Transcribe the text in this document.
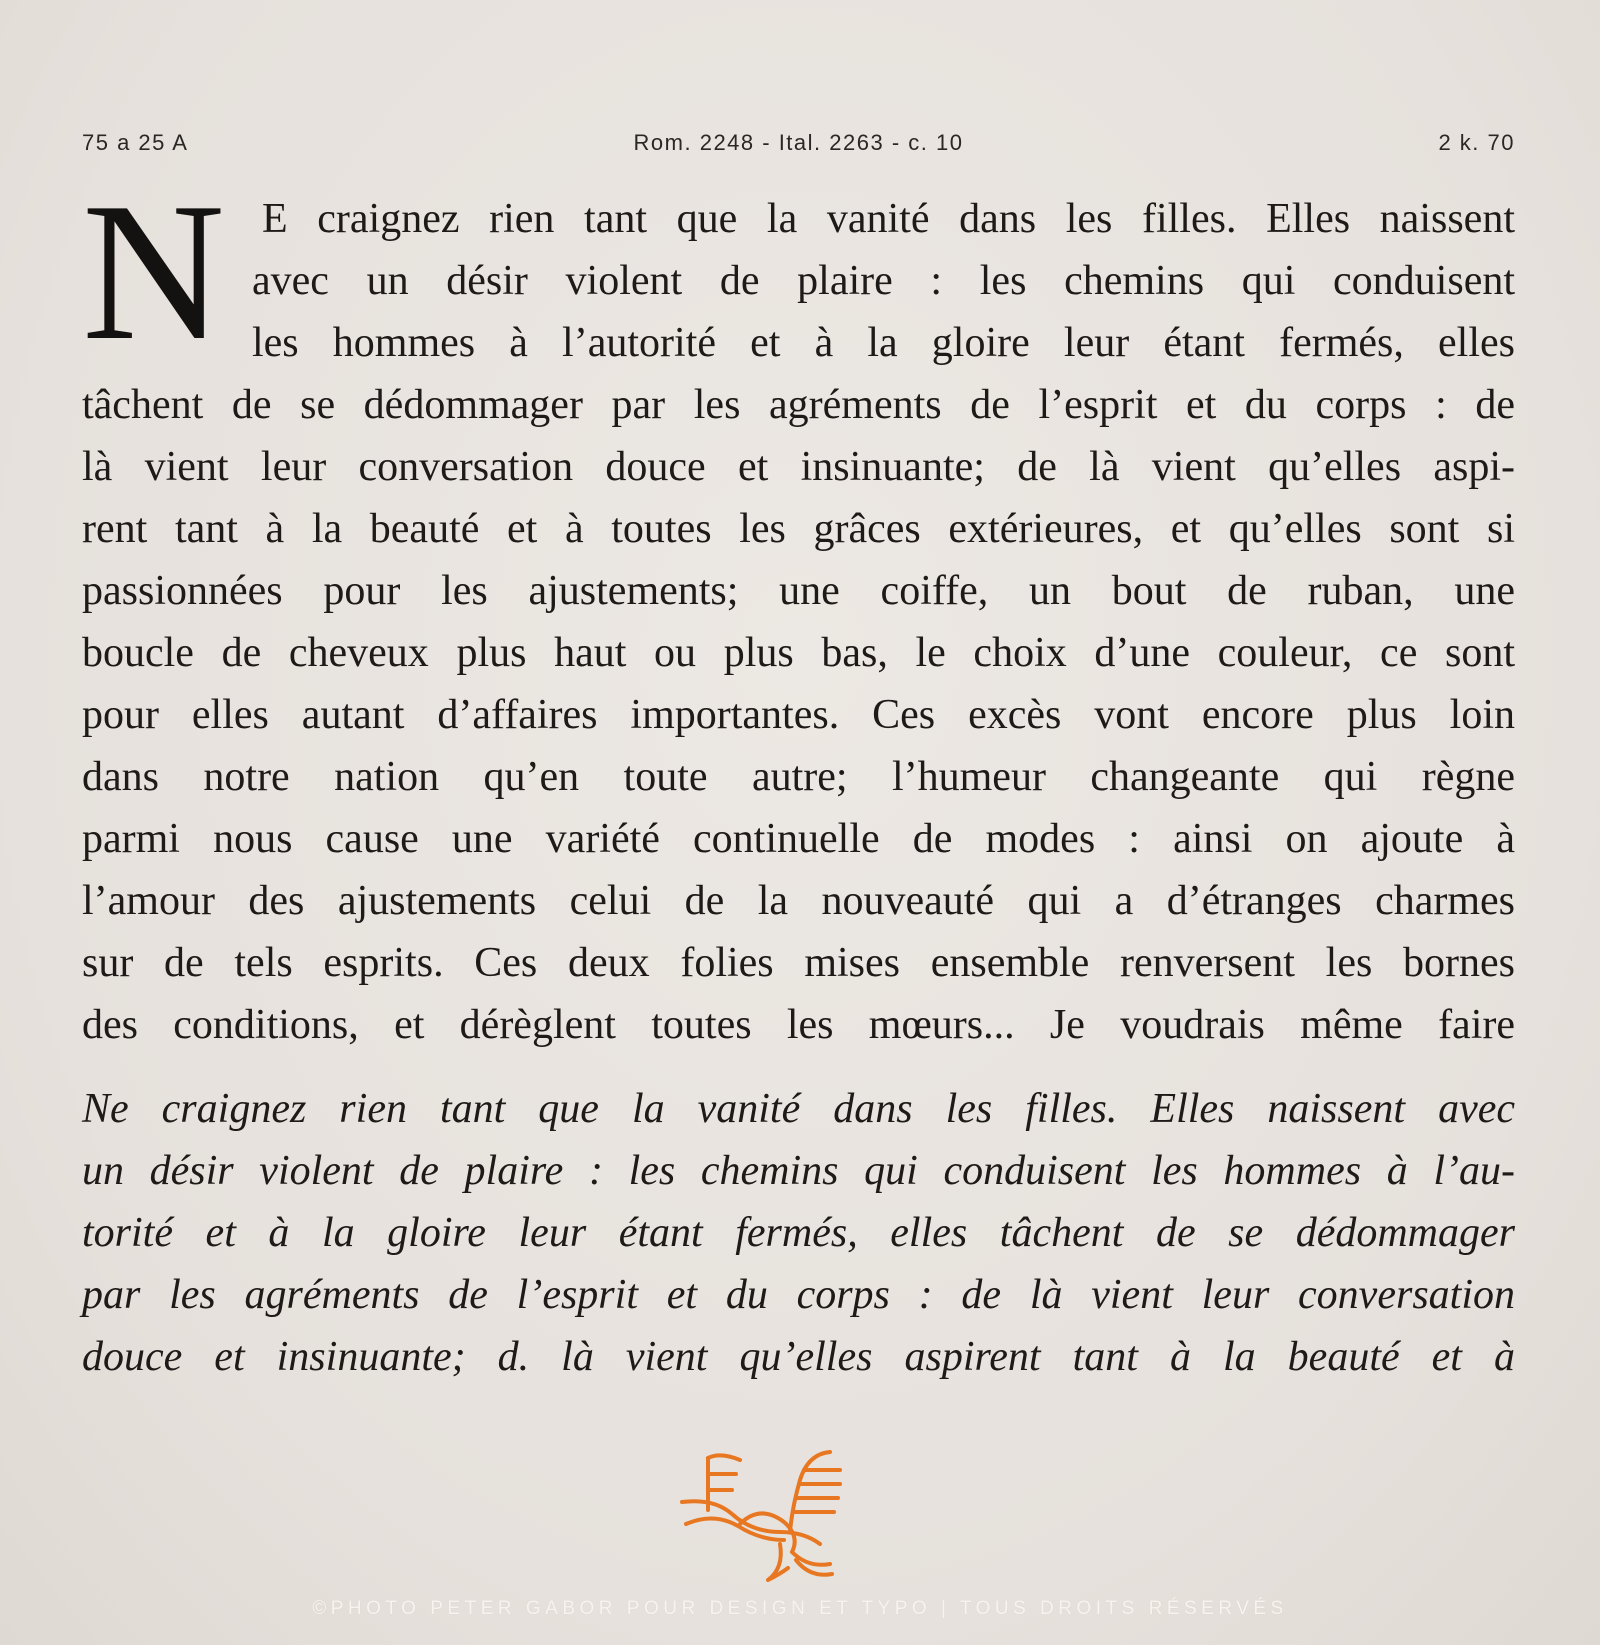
75 a 25 A	Rom. 2248 - Ital. 2263 - c. 10	2 k. 70
N E craignez rien tant que la vanité dans les filles. Elles naissent
avec un désir violent de plaire : les chemins qui conduisent
les hommes à l’autorité et à la gloire leur étant fermés, elles
tâchent de se dédommager par les agréments de l’esprit et du corps : de
là vient leur conversation douce et insinuante; de là vient qu’elles aspi-
rent tant à la beauté et à toutes les grâces extérieures, et qu’elles sont si
passionnées pour les ajustements; une coiffe, un bout de ruban, une
boucle de cheveux plus haut ou plus bas, le choix d’une couleur, ce sont
pour elles autant d’affaires importantes. Ces excès vont encore plus loin
dans notre nation qu’en toute autre; l’humeur changeante qui règne
parmi nous cause une variété continuelle de modes : ainsi on ajoute à
l’amour des ajustements celui de la nouveauté qui a d’étranges charmes
sur de tels esprits. Ces deux folies mises ensemble renversent les bornes
des conditions, et dérèglent toutes les mœurs... Je voudrais même faire
Ne craignez rien tant que la vanité dans les filles. Elles naissent avec
un désir violent de plaire : les chemins qui conduisent les hommes à l’au-
torité et à la gloire leur étant fermés, elles tâchent de se dédommager
par les agréments de l’esprit et du corps : de là vient leur conversation
douce et insinuante; d. là vient qu’elles aspirent tant à la beauté et à
©PHOTO PETER GABOR POUR DESIGN ET TYPO | TOUS DROITS RÉSERVÉS
